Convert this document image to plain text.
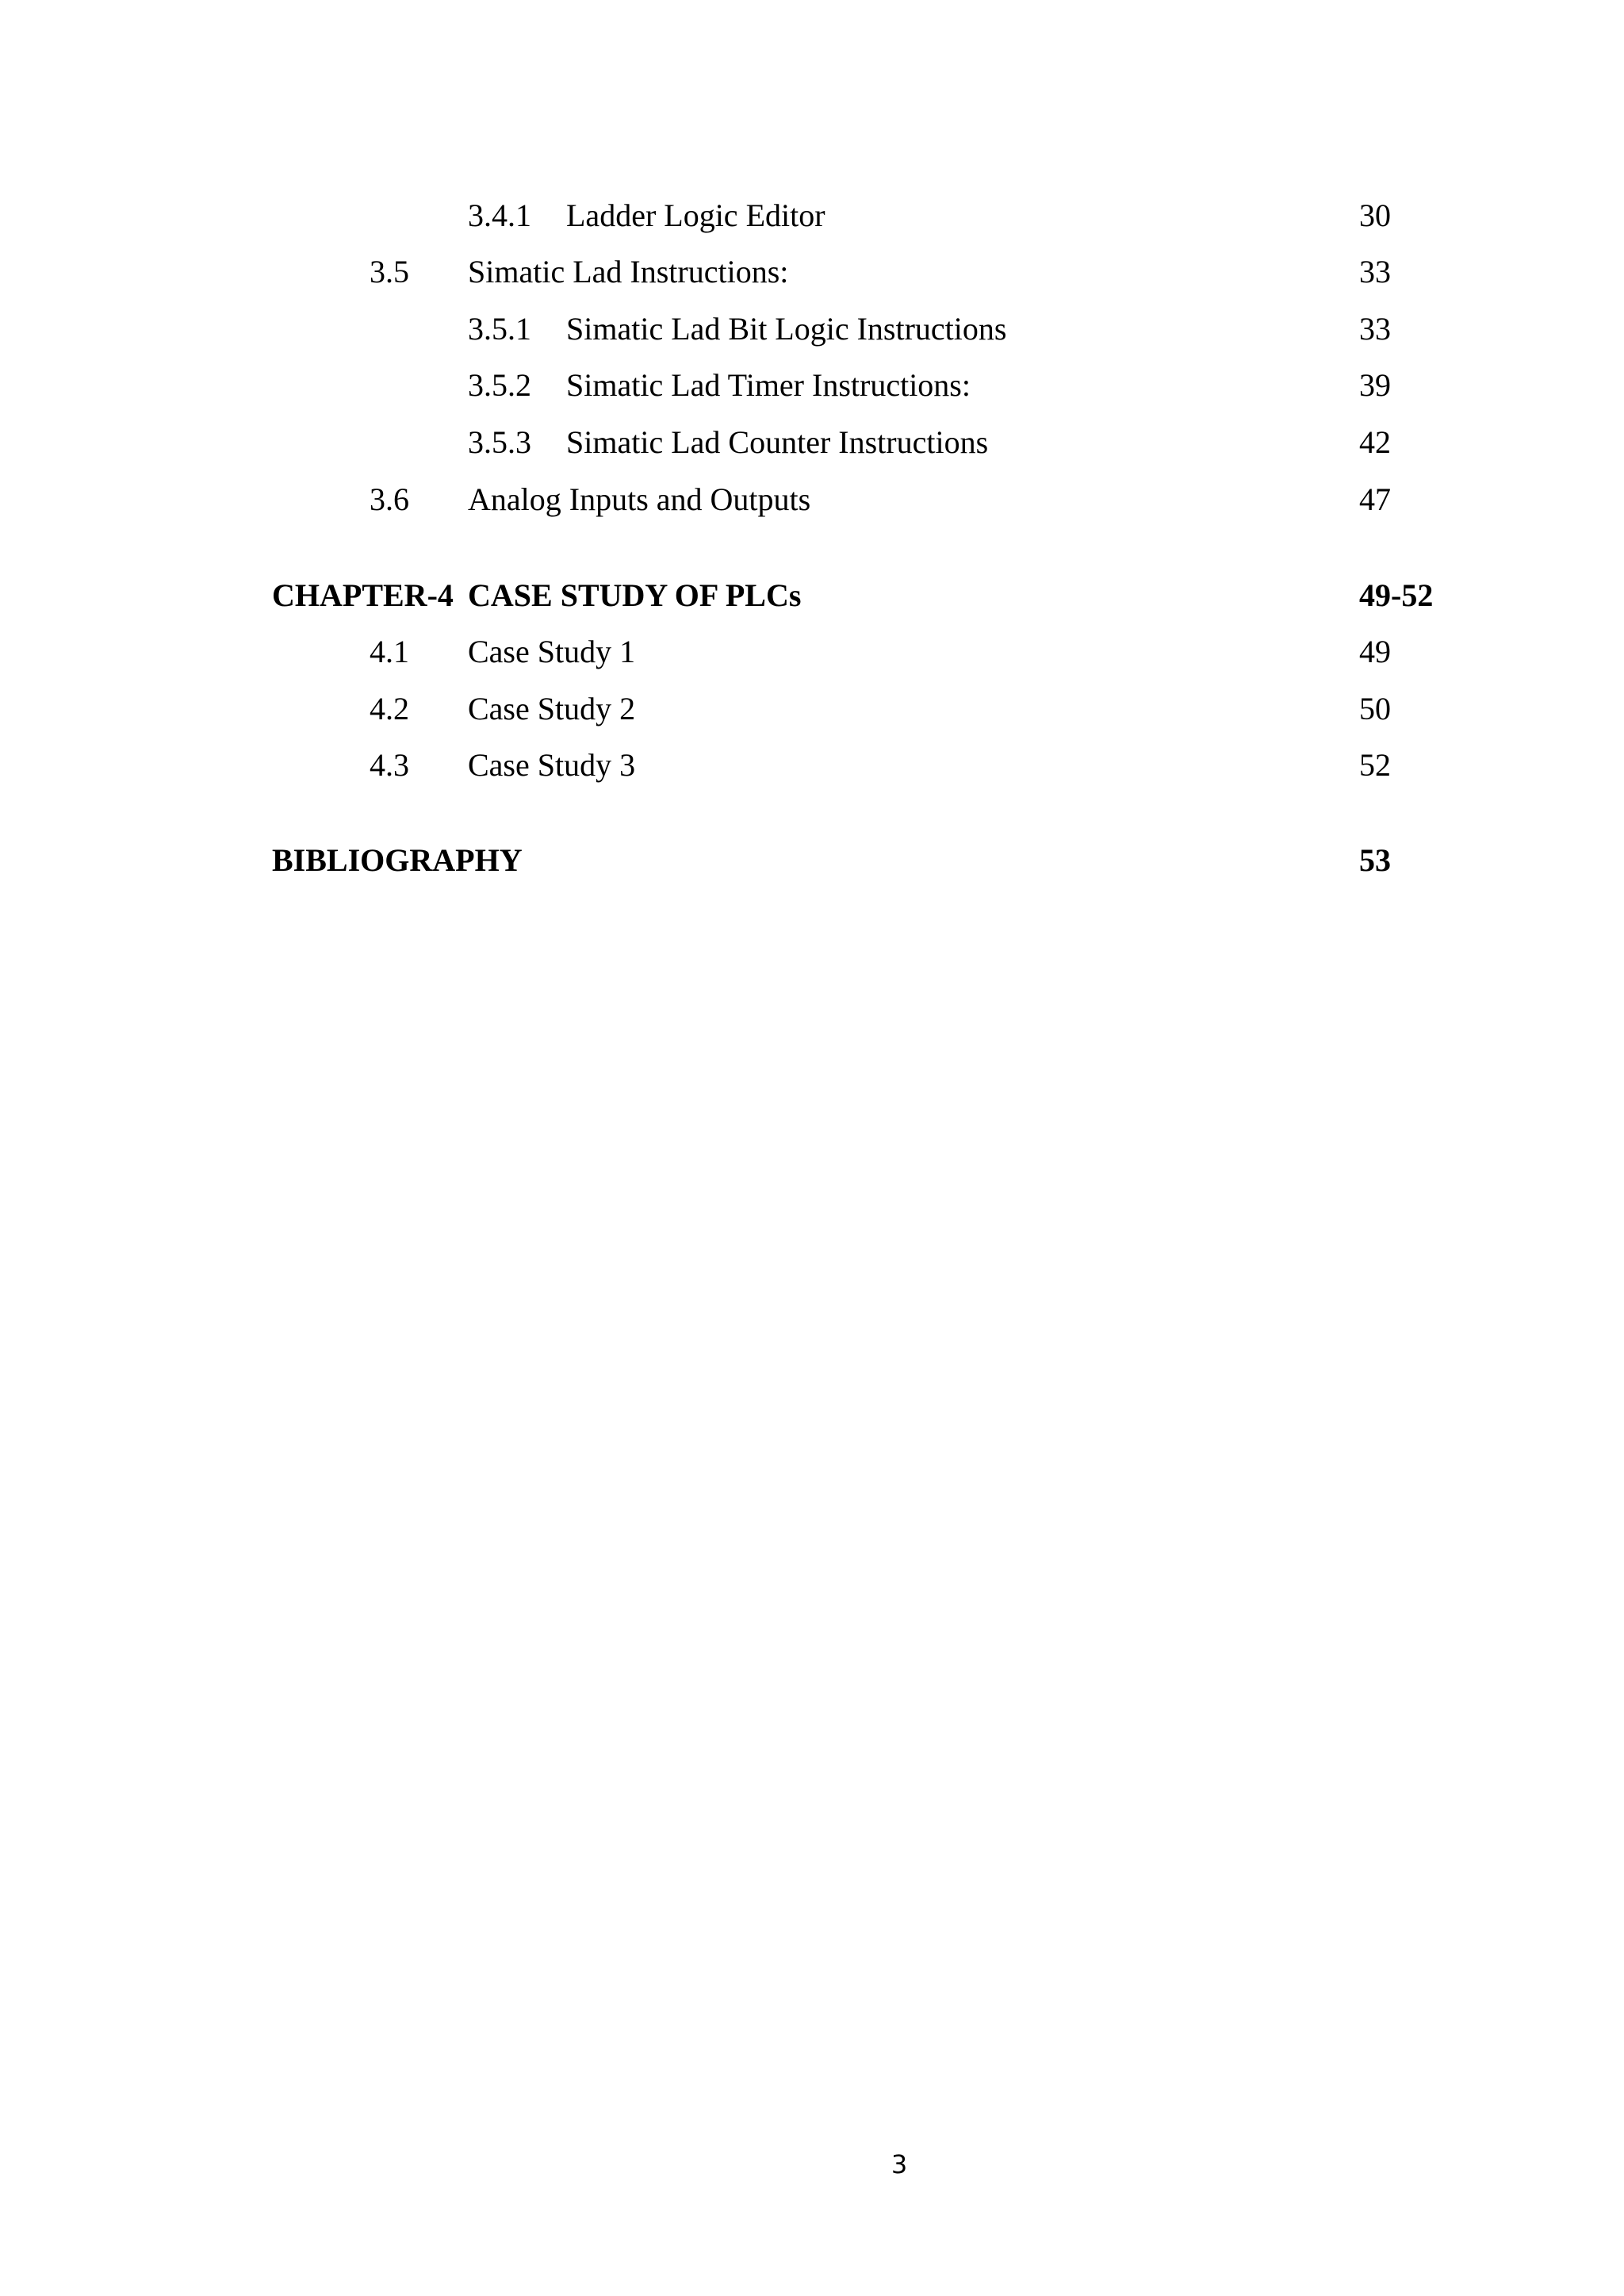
3.4.1 Ladder Logic Editor	30
3.5 Simatic Lad Instructions:	33
3.5.1 Simatic Lad Bit Logic Instructions	33
3.5.2 Simatic Lad Timer Instructions:	39
3.5.3 Simatic Lad Counter Instructions	42
3.6 Analog Inputs and Outputs	47
CHAPTER-4 CASE STUDY OF PLCs	49-52
4.1 Case Study 1	49
4.2 Case Study 2	50
4.3 Case Study 3	52
BIBLIOGRAPHY	53
3
